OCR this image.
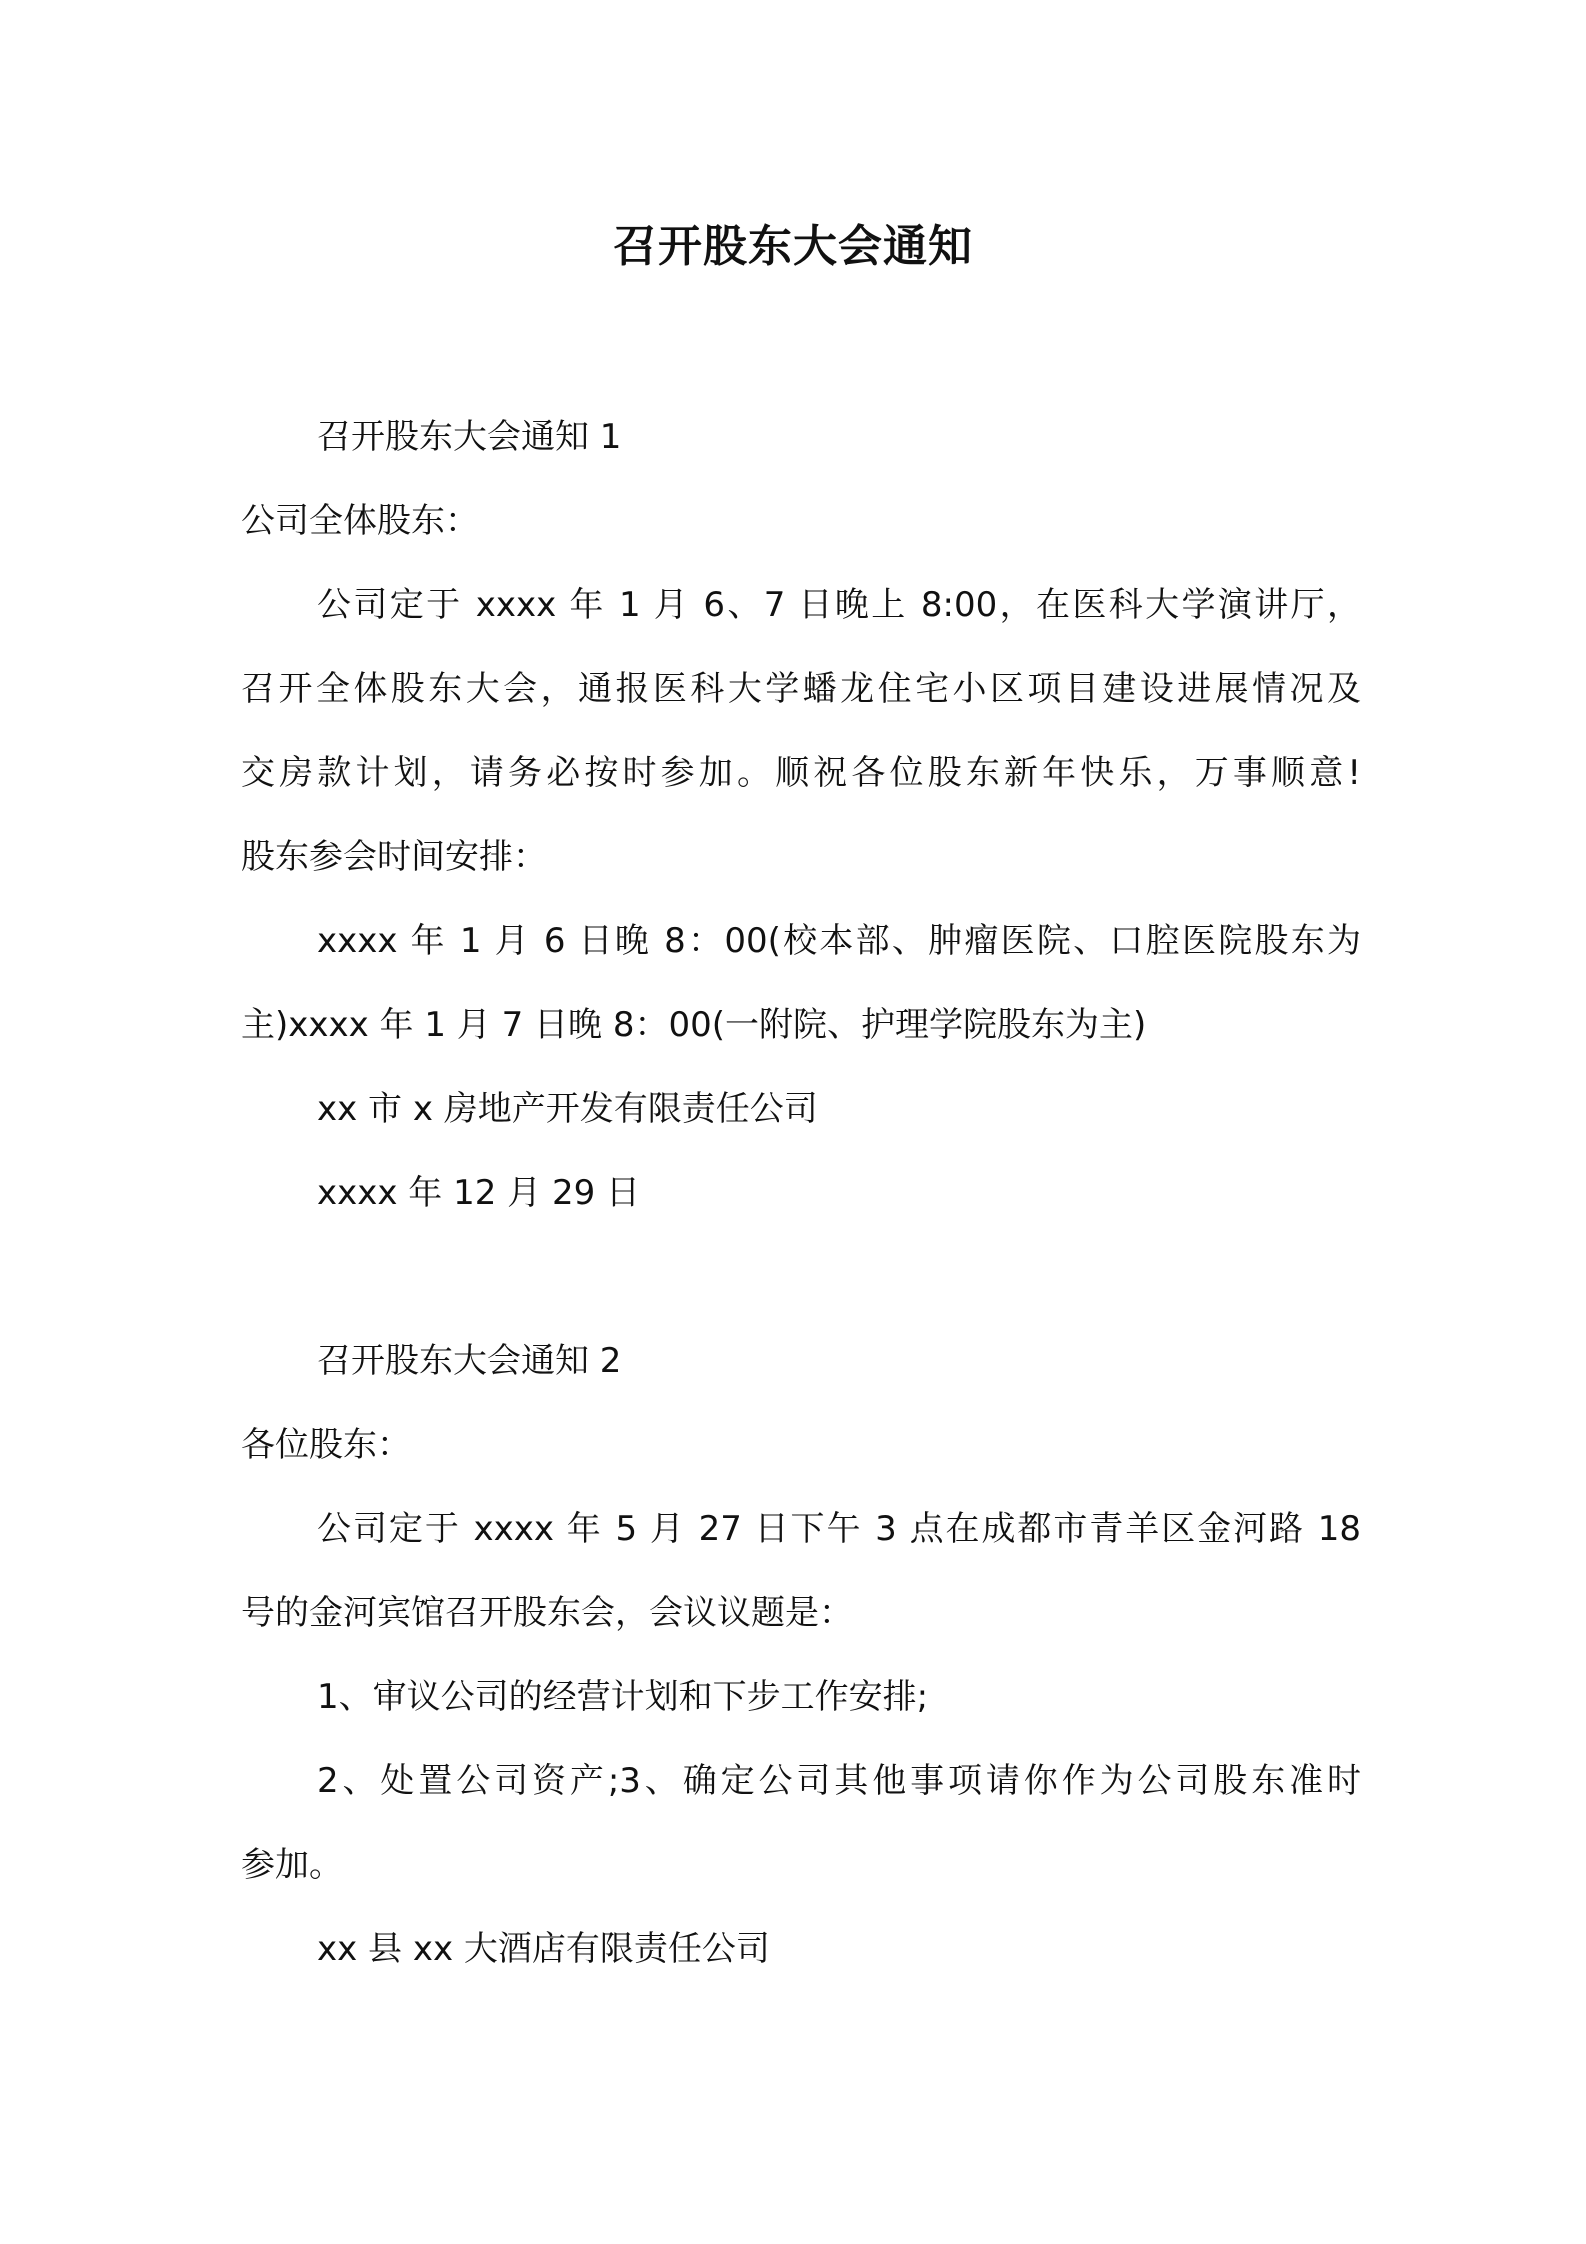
召开股东大会通知
召开股东大会通知 1
公司全体股东：
公司定于 xxxx 年 1 月 6、7 日晚上 8:00，在医科大学演讲厅，
召开全体股东大会，通报医科大学蟠龙住宅小区项目建设进展情况及
交房款计划，请务必按时参加。顺祝各位股东新年快乐，万事顺意!
股东参会时间安排：
xxxx 年 1 月 6 日晚 8：00(校本部、肿瘤医院、口腔医院股东为
主)xxxx 年 1 月 7 日晚 8：00(一附院、护理学院股东为主)
xx 市 x 房地产开发有限责任公司
xxxx 年 12 月 29 日
召开股东大会通知 2
各位股东：
公司定于 xxxx 年 5 月 27 日下午 3 点在成都市青羊区金河路 18
号的金河宾馆召开股东会，会议议题是：
1、审议公司的经营计划和下步工作安排;
2、处置公司资产;3、确定公司其他事项请你作为公司股东准时
参加。
xx 县 xx 大酒店有限责任公司
